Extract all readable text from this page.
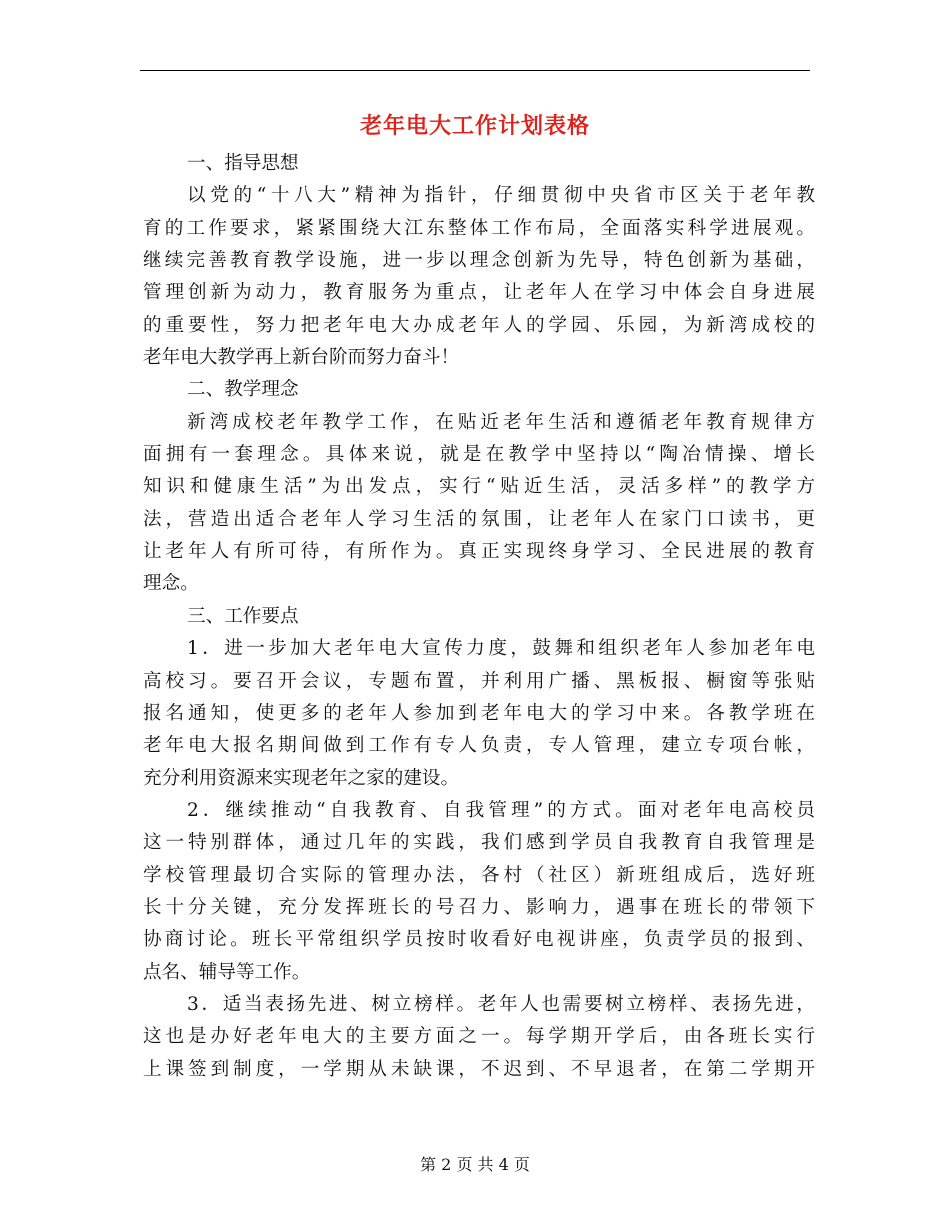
老年电大工作计划表格
一、指导思想
以党的“十八大”精神为指针，仔细贯彻中央省市区关于老年教
育的工作要求，紧紧围绕大江东整体工作布局，全面落实科学进展观。
继续完善教育教学设施，进一步以理念创新为先导，特色创新为基础，
管理创新为动力，教育服务为重点，让老年人在学习中体会自身进展
的重要性，努力把老年电大办成老年人的学园、乐园，为新湾成校的
老年电大教学再上新台阶而努力奋斗！
二、教学理念
新湾成校老年教学工作，在贴近老年生活和遵循老年教育规律方
面拥有一套理念。具体来说，就是在教学中坚持以“陶冶情操、增长
知识和健康生活”为出发点，实行“贴近生活，灵活多样”的教学方
法，营造出适合老年人学习生活的氛围，让老年人在家门口读书，更
让老年人有所可待，有所作为。真正实现终身学习、全民进展的教育
理念。
三、工作要点
1．进一步加大老年电大宣传力度，鼓舞和组织老年人参加老年电
高校习。要召开会议，专题布置，并利用广播、黑板报、橱窗等张贴
报名通知，使更多的老年人参加到老年电大的学习中来。各教学班在
老年电大报名期间做到工作有专人负责，专人管理，建立专项台帐，
充分利用资源来实现老年之家的建设。
2．继续推动“自我教育、自我管理”的方式。面对老年电高校员
这一特别群体，通过几年的实践，我们感到学员自我教育自我管理是
学校管理最切合实际的管理办法，各村（社区）新班组成后，选好班
长十分关键，充分发挥班长的号召力、影响力，遇事在班长的带领下
协商讨论。班长平常组织学员按时收看好电视讲座，负责学员的报到、
点名、辅导等工作。
3．适当表扬先进、树立榜样。老年人也需要树立榜样、表扬先进，
这也是办好老年电大的主要方面之一。每学期开学后，由各班长实行
上课签到制度，一学期从未缺课，不迟到、不早退者，在第二学期开
第 2 页 共 4 页
